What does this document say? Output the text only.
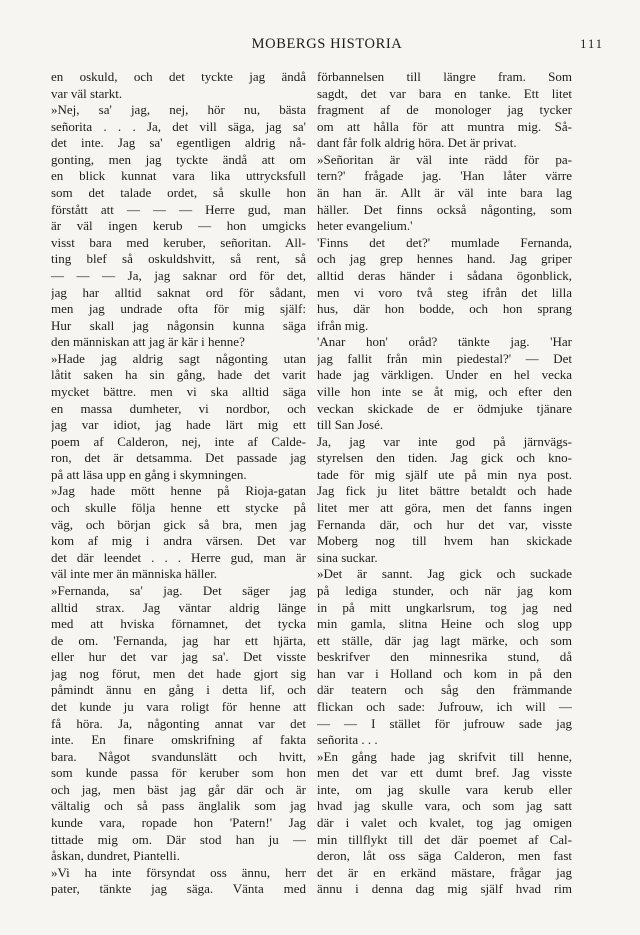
MOBERGS HISTORIA	111
en oskuld, och det tyckte jag ändå
var väl starkt.
»Nej, sa' jag, nej, hör nu, bästa
señorita . . . Ja, det vill säga, jag sa'
det inte. Jag sa' egentligen aldrig nå-
gonting, men jag tyckte ändå att om
en blick kunnat vara lika uttrycksfull
som det talade ordet, så skulle hon
förstått att — — — Herre gud, man
är väl ingen kerub — hon umgicks
visst bara med keruber, señoritan. All-
ting blef så oskuldshvitt, så rent, så
— — — Ja, jag saknar ord för det,
jag har alltid saknat ord för sådant,
men jag undrade ofta för mig själf:
Hur skall jag någonsin kunna säga
den människan att jag är kär i henne?
»Hade jag aldrig sagt någonting utan
låtit saken ha sin gång, hade det varit
mycket bättre. men vi ska alltid säga
en massa dumheter, vi nordbor, och
jag var idiot, jag hade lärt mig ett
poem af Calderon, nej, inte af Calde-
ron, det är detsamma. Det passade jag
på att läsa upp en gång i skymningen.
»Jag hade mött henne på Rioja-gatan
och skulle följa henne ett stycke på
väg, och början gick så bra, men jag
kom af mig i andra värsen. Det var
det där leendet . . . Herre gud, man är
väl inte mer än människa häller.
»Fernanda, sa' jag. Det säger jag
alltid strax. Jag väntar aldrig länge
med att hviska förnamnet, det tycka
de om. 'Fernanda, jag har ett hjärta,
eller hur det var jag sa'. Det visste
jag nog förut, men det hade gjort sig
påmindt ännu en gång i detta lif, och
det kunde ju vara roligt för henne att
få höra. Ja, någonting annat var det
inte. En finare omskrifning af fakta
bara. Något svandunslätt och hvitt,
som kunde passa för keruber som hon
och jag, men bäst jag går där och är
vältalig och så pass änglalik som jag
kunde vara, ropade hon 'Patern!' Jag
tittade mig om. Där stod han ju —
åskan, dundret, Piantelli.
»Vi ha inte försyndat oss ännu, herr
pater, tänkte jag säga. Vänta med
förbannelsen till längre fram. Som
sagdt, det var bara en tanke. Ett litet
fragment af de monologer jag tycker
om att hålla för att muntra mig. Så-
dant får folk aldrig höra. Det är privat.
»Señoritan är väl inte rädd för pa-
tern?' frågade jag. 'Han låter värre
än han är. Allt är väl inte bara lag
häller. Det finns också någonting, som
heter evangelium.'
'Finns det det?' mumlade Fernanda,
och jag grep hennes hand. Jag griper
alltid deras händer i sådana ögonblick,
men vi voro två steg ifrån det lilla
hus, där hon bodde, och hon sprang
ifrån mig.
'Anar hon' oråd? tänkte jag. 'Har
jag fallit från min piedestal?' — Det
hade jag värkligen. Under en hel vecka
ville hon inte se åt mig, och efter den
veckan skickade de er ödmjuke tjänare
till San José.
Ja, jag var inte god på järnvägs-
styrelsen den tiden. Jag gick och kno-
tade för mig själf ute på min nya post.
Jag fick ju litet bättre betaldt och hade
litet mer att göra, men det fanns ingen
Fernanda där, och hur det var, visste
Moberg nog till hvem han skickade
sina suckar.
»Det är sannt. Jag gick och suckade
på lediga stunder, och när jag kom
in på mitt ungkarlsrum, tog jag ned
min gamla, slitna Heine och slog upp
ett ställe, där jag lagt märke, och som
beskrifver den minnesrika stund, då
han var i Holland och kom in på den
där teatern och såg den främmande
flickan och sade: Jufrouw, ich will —
— — I stället för jufrouw sade jag
señorita . . .
»En gång hade jag skrifvit till henne,
men det var ett dumt bref. Jag visste
inte, om jag skulle vara kerub eller
hvad jag skulle vara, och som jag satt
där i valet och kvalet, tog jag omigen
min tillflykt till det där poemet af Cal-
deron, låt oss säga Calderon, men fast
det är en erkänd mästare, frågar jag
ännu i denna dag mig själf hvad rim
